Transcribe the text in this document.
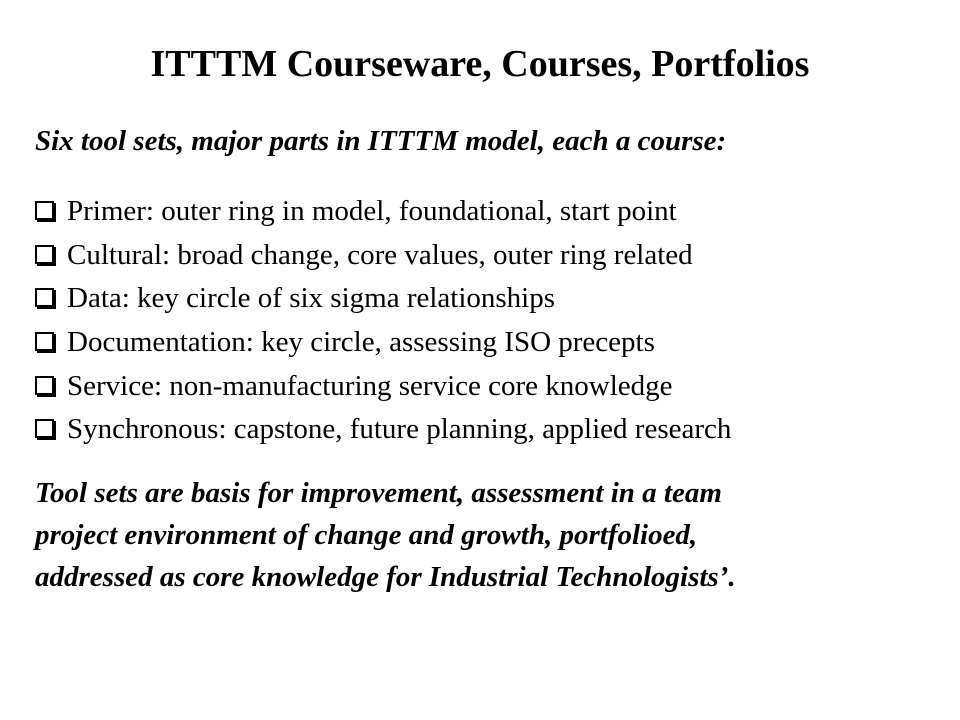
ITTTM Courseware, Courses, Portfolios
Six tool sets, major parts in ITTTM model, each a course:
Primer: outer ring in model, foundational, start point
Cultural: broad change, core values, outer ring related
Data: key circle of six sigma relationships
Documentation: key circle, assessing ISO precepts
Service: non-manufacturing service core knowledge
Synchronous: capstone, future planning, applied research
Tool sets are basis for improvement, assessment in a team
project environment of change and growth, portfolioed,
addressed as core knowledge for Industrial Technologists’.
